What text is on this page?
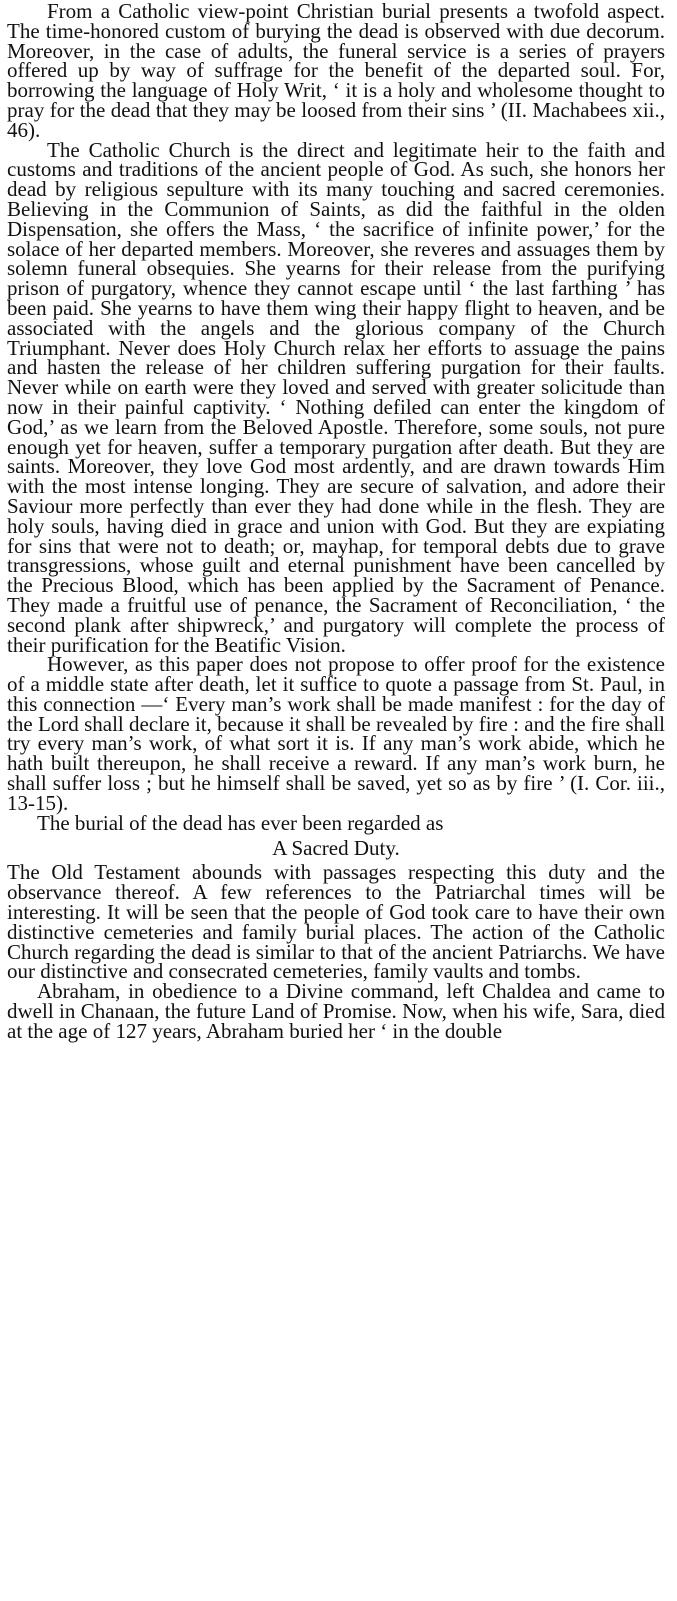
From a Catholic view-point Christian burial presents a twofold aspect. The time-honored custom of burying the dead is observed with due decorum. Moreover, in the case of adults, the funeral service is a series of prayers offered up by way of suffrage for the benefit of the departed soul. For, borrowing the language of Holy Writ, ‘ it is a holy and wholesome thought to pray for the dead that they may be loosed from their sins ’ (II. Machabees xii., 46).

The Catholic Church is the direct and legitimate heir to the faith and customs and traditions of the ancient people of God. As such, she honors her dead by religious sepulture with its many touching and sacred ceremonies. Believing in the Communion of Saints, as did the faithful in the olden Dispensation, she offers the Mass, ‘ the sacrifice of infinite power,’ for the solace of her departed members. Moreover, she reveres and assuages them by solemn funeral obsequies. She yearns for their release from the purifying prison of purgatory, whence they cannot escape until ‘ the last farthing ’ has been paid. She yearns to have them wing their happy flight to heaven, and be associated with the angels and the glorious company of the Church Triumphant. Never does Holy Church relax her efforts to assuage the pains and hasten the release of her children suffering purgation for their faults. Never while on earth were they loved and served with greater solicitude than now in their painful captivity. ‘ Nothing defiled can enter the kingdom of God,’ as we learn from the Beloved Apostle. Therefore, some souls, not pure enough yet for heaven, suffer a temporary purgation after death. But they are saints. Moreover, they love God most ardently, and are drawn towards Him with the most intense longing. They are secure of salvation, and adore their Saviour more perfectly than ever they had done while in the flesh. They are holy souls, having died in grace and union with God. But they are expiating for sins that were not to death; or, mayhap, for temporal debts due to grave transgressions, whose guilt and eternal punishment have been cancelled by the Precious Blood, which has been applied by the Sacrament of Penance. They made a fruitful use of penance, the Sacrament of Reconciliation, ‘ the second plank after shipwreck,’ and purgatory will complete the process of their purification for the Beatific Vision.

However, as this paper does not propose to offer proof for the existence of a middle state after death, let it suffice to quote a passage from St. Paul, in this connection —‘ Every man’s work shall be made manifest : for the day of the Lord shall declare it, because it shall be revealed by fire : and the fire shall try every man’s work, of what sort it is. If any man’s work abide, which he hath built thereupon, he shall receive a reward. If any man’s work burn, he shall suffer loss ; but he himself shall be saved, yet so as by fire ’ (I. Cor. iii., 13-15).

The burial of the dead has ever been regarded as

A Sacred Duty.

The Old Testament abounds with passages respecting this duty and the observance thereof. A few references to the Patriarchal times will be interesting. It will be seen that the people of God took care to have their own distinctive cemeteries and family burial places. The action of the Catholic Church regarding the dead is similar to that of the ancient Patriarchs. We have our distinctive and consecrated cemeteries, family vaults and tombs.

Abraham, in obedience to a Divine command, left Chaldea and came to dwell in Chanaan, the future Land of Promise. Now, when his wife, Sara, died at the age of 127 years, Abraham buried her ‘ in the double
